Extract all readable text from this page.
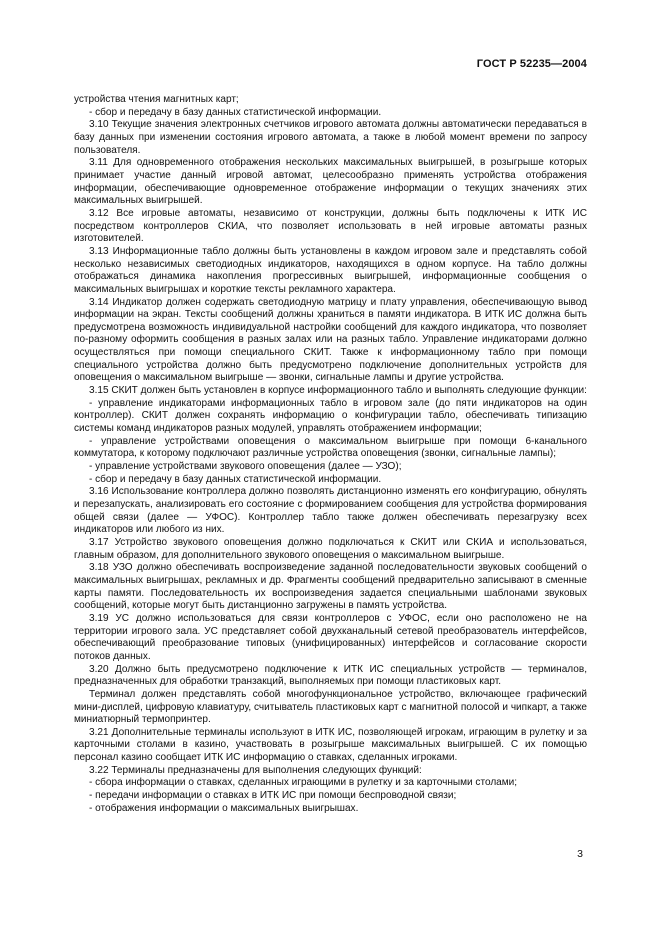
ГОСТ Р 52235—2004

устройства чтения магнитных карт;

- сбор и передачу в базу данных статистической информации.

3.10 Текущие значения электронных счетчиков игрового автомата должны автоматически передаваться в базу данных при изменении состояния игрового автомата, а также в любой момент времени по запросу пользователя.

3.11 Для одновременного отображения нескольких максимальных выигрышей, в розыгрыше которых принимает участие данный игровой автомат, целесообразно применять устройства отображения информации, обеспечивающие одновременное отображение информации о текущих значениях этих максимальных выигрышей.

3.12 Все игровые автоматы, независимо от конструкции, должны быть подключены к ИТК ИС посредством контроллеров СКИА, что позволяет использовать в ней игровые автоматы разных изготовителей.

3.13 Информационные табло должны быть установлены в каждом игровом зале и представлять собой несколько независимых светодиодных индикаторов, находящихся в одном корпусе. На табло должны отображаться динамика накопления прогрессивных выигрышей, информационные сообщения о максимальных выигрышах и короткие тексты рекламного характера.

3.14 Индикатор должен содержать светодиодную матрицу и плату управления, обеспечивающую вывод информации на экран. Тексты сообщений должны храниться в памяти индикатора. В ИТК ИС должна быть предусмотрена возможность индивидуальной настройки сообщений для каждого индикатора, что позволяет по-разному оформить сообщения в разных залах или на разных табло. Управление индикаторами должно осуществляться при помощи специального СКИТ. Также к информационному табло при помощи специального устройства должно быть предусмотрено подключение дополнительных устройств для оповещения о максимальном выигрыше — звонки, сигнальные лампы и другие устройства.

3.15 СКИТ должен быть установлен в корпусе информационного табло и выполнять следующие функции:

- управление индикаторами информационных табло в игровом зале (до пяти индикаторов на один контроллер). СКИТ должен сохранять информацию о конфигурации табло, обеспечивать типизацию системы команд индикаторов разных модулей, управлять отображением информации;

- управление устройствами оповещения о максимальном выигрыше при помощи 6-канального коммутатора, к которому подключают различные устройства оповещения (звонки, сигнальные лампы);

- управление устройствами звукового оповещения (далее — УЗО);

- сбор и передачу в базу данных статистической информации.

3.16 Использование контроллера должно позволять дистанционно изменять его конфигурацию, обнулять и перезапускать, анализировать его состояние с формированием сообщения для устройства формирования общей связи (далее — УФОС). Контроллер табло также должен обеспечивать перезагрузку всех индикаторов или любого из них.

3.17 Устройство звукового оповещения должно подключаться к СКИТ или СКИА и использоваться, главным образом, для дополнительного звукового оповещения о максимальном выигрыше.

3.18 УЗО должно обеспечивать воспроизведение заданной последовательности звуковых сообщений о максимальных выигрышах, рекламных и др. Фрагменты сообщений предварительно записывают в сменные карты памяти. Последовательность их воспроизведения задается специальными шаблонами звуковых сообщений, которые могут быть дистанционно загружены в память устройства.

3.19 УС должно использоваться для связи контроллеров с УФОС, если оно расположено не на территории игрового зала. УС представляет собой двухканальный сетевой преобразователь интерфейсов, обеспечивающий преобразование типовых (унифицированных) интерфейсов и согласование скорости потоков данных.

3.20 Должно быть предусмотрено подключение к ИТК ИС специальных устройств — терминалов, предназначенных для обработки транзакций, выполняемых при помощи пластиковых карт.

Терминал должен представлять собой многофункциональное устройство, включающее графический мини-дисплей, цифровую клавиатуру, считыватель пластиковых карт с магнитной полосой и чипкарт, а также миниатюрный термопринтер.

3.21 Дополнительные терминалы используют в ИТК ИС, позволяющей игрокам, играющим в рулетку и за карточными столами в казино, участвовать в розыгрыше максимальных выигрышей. С их помощью персонал казино сообщает ИТК ИС информацию о ставках, сделанных игроками.

3.22 Терминалы предназначены для выполнения следующих функций:

- сбора информации о ставках, сделанных играющими в рулетку и за карточными столами;

- передачи информации о ставках в ИТК ИС при помощи беспроводной связи;

- отображения информации о максимальных выигрышах.

3
